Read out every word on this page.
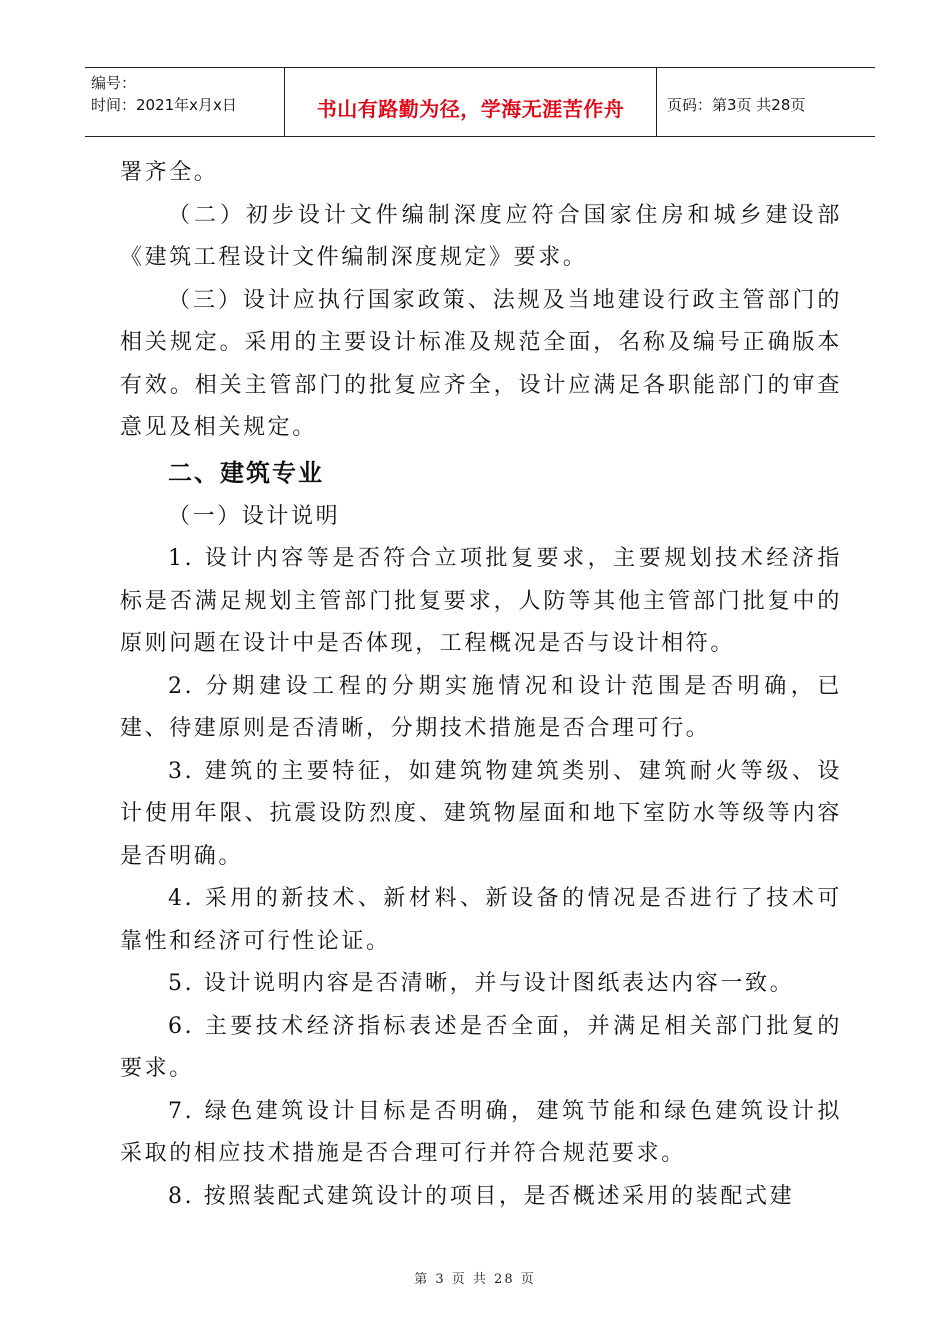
编号：
时间：2021年x月x日	书山有路勤为径，学海无涯苦作舟	页码：第3页 共28页

署齐全。

（二）初步设计文件编制深度应符合国家住房和城乡建设部《建筑工程设计文件编制深度规定》要求。

（三）设计应执行国家政策、法规及当地建设行政主管部门的相关规定。采用的主要设计标准及规范全面，名称及编号正确版本有效。相关主管部门的批复应齐全，设计应满足各职能部门的审查意见及相关规定。

二、建筑专业

（一）设计说明

1. 设计内容等是否符合立项批复要求，主要规划技术经济指标是否满足规划主管部门批复要求，人防等其他主管部门批复中的原则问题在设计中是否体现，工程概况是否与设计相符。

2. 分期建设工程的分期实施情况和设计范围是否明确，已建、待建原则是否清晰，分期技术措施是否合理可行。

3. 建筑的主要特征，如建筑物建筑类别、建筑耐火等级、设计使用年限、抗震设防烈度、建筑物屋面和地下室防水等级等内容是否明确。

4. 采用的新技术、新材料、新设备的情况是否进行了技术可靠性和经济可行性论证。

5. 设计说明内容是否清晰，并与设计图纸表达内容一致。

6. 主要技术经济指标表述是否全面，并满足相关部门批复的要求。

7. 绿色建筑设计目标是否明确，建筑节能和绿色建筑设计拟采取的相应技术措施是否合理可行并符合规范要求。

8. 按照装配式建筑设计的项目，是否概述采用的装配式建

第 3 页 共 28 页
